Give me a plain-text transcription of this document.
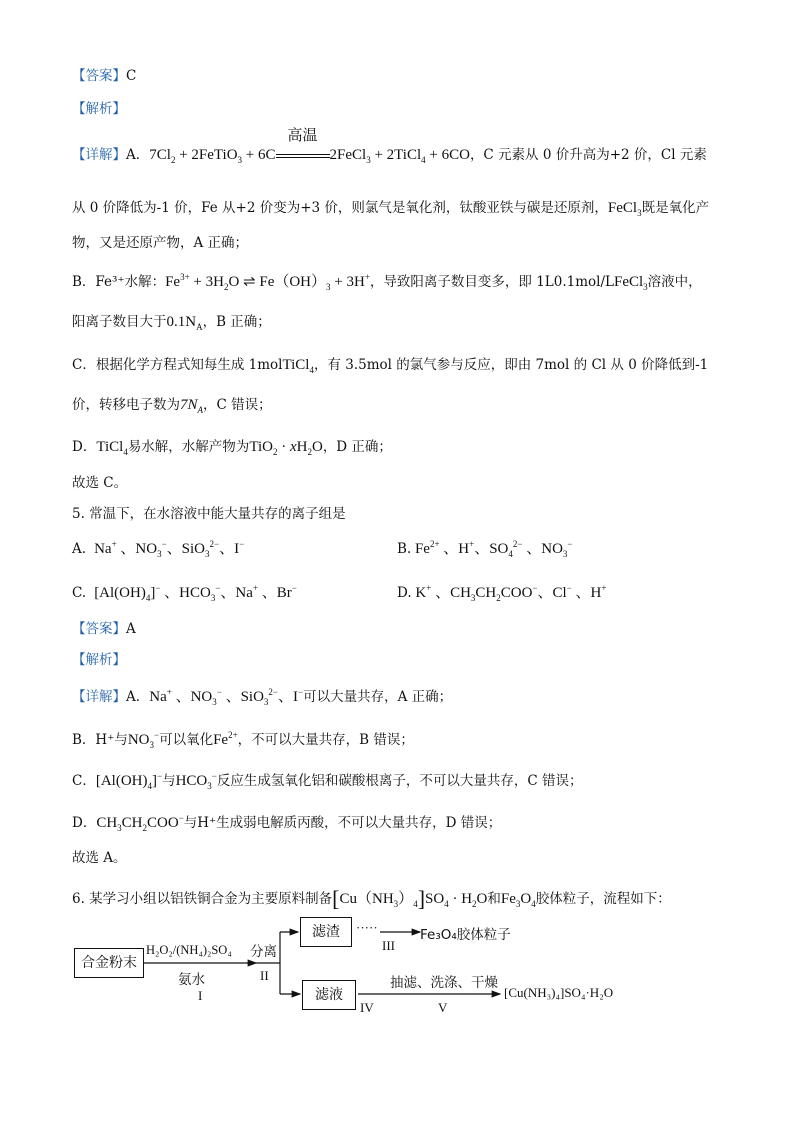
【答案】C
【解析】
【详解】A．$7Cl_2$ + 2FeTiO$_3$ + 6C
高温
2FeCl$_3$ + 2TiCl$_4$ + 6CO，C 元素从 0 价升高为+2 价，Cl 元素
从 0 价降低为-1 价，Fe 从+2 价变为+3 价，则氯气是氧化剂，钛酸亚铁与碳是还原剂，FeCl$_3$既是氧化产
物，又是还原产物，A 正确；
B．Fe³⁺水解：$Fe^{3+} + 3H_2O$ ⇌ $Fe(OH)_3 + 3H^+$，导致阳离子数目变多，即 1L0.1mol/LFeCl$_3$溶液中，
阳离子数目大于$0.1N_A$，B 正确；
C．根据化学方程式知每生成 1molTiCl$_4$，有 3.5mol 的氯气参与反应，即由 7mol 的 Cl 从 0 价降低到-1
价，转移电子数为$7N_A$，C 错误；
D．TiCl$_4$易水解，水解产物为$TiO_2 \cdot xH_2O$，D 正确；
故选 C。
5. 常温下，在水溶液中能大量共存的离子组是
A.  Na+ 、$NO_3^-$、SiO$_3^{2-}$、I−	B. $Fe^{2+}$ 、H+、$SO_4^{2-}$ 、$NO_3^-$
C.  $[Al(OH)_4]^-$ 、$HCO_3^-$、Na+ 、Br−	D. K+ 、$CH_3CH_2COO^-$、Cl− 、H+
【答案】A
【解析】
【详解】A．Na+ 、$NO_3^-$ 、SiO$_3^{2-}$、I−可以大量共存，A 正确；
B．H⁺与$NO_3^-$可以氧化$Fe^{2+}$，不可以大量共存，B 错误；
C．$[Al(OH)_4]^-$与$HCO_3^-$反应生成氢氧化铝和碳酸根离子，不可以大量共存，C 错误；
D．$CH_3CH_2COO^-$与H⁺生成弱电解质丙酸，不可以大量共存，D 错误；
故选 A。
6. 某学习小组以铝铁铜合金为主要原料制备$[Cu(NH_3)_4]SO_4 \cdot H_2O$和$Fe_3O_4$胶体粒子，流程如下：
合金粉末
H₂O₂/(NH₄)₂SO₄
氨水
I
分离
II
滤渣	·····
III
Fe₃O₄胶体粒子
滤液
IV
抽滤、洗涤、干燥
V
[Cu(NH₃)₄]SO₄·H₂O
